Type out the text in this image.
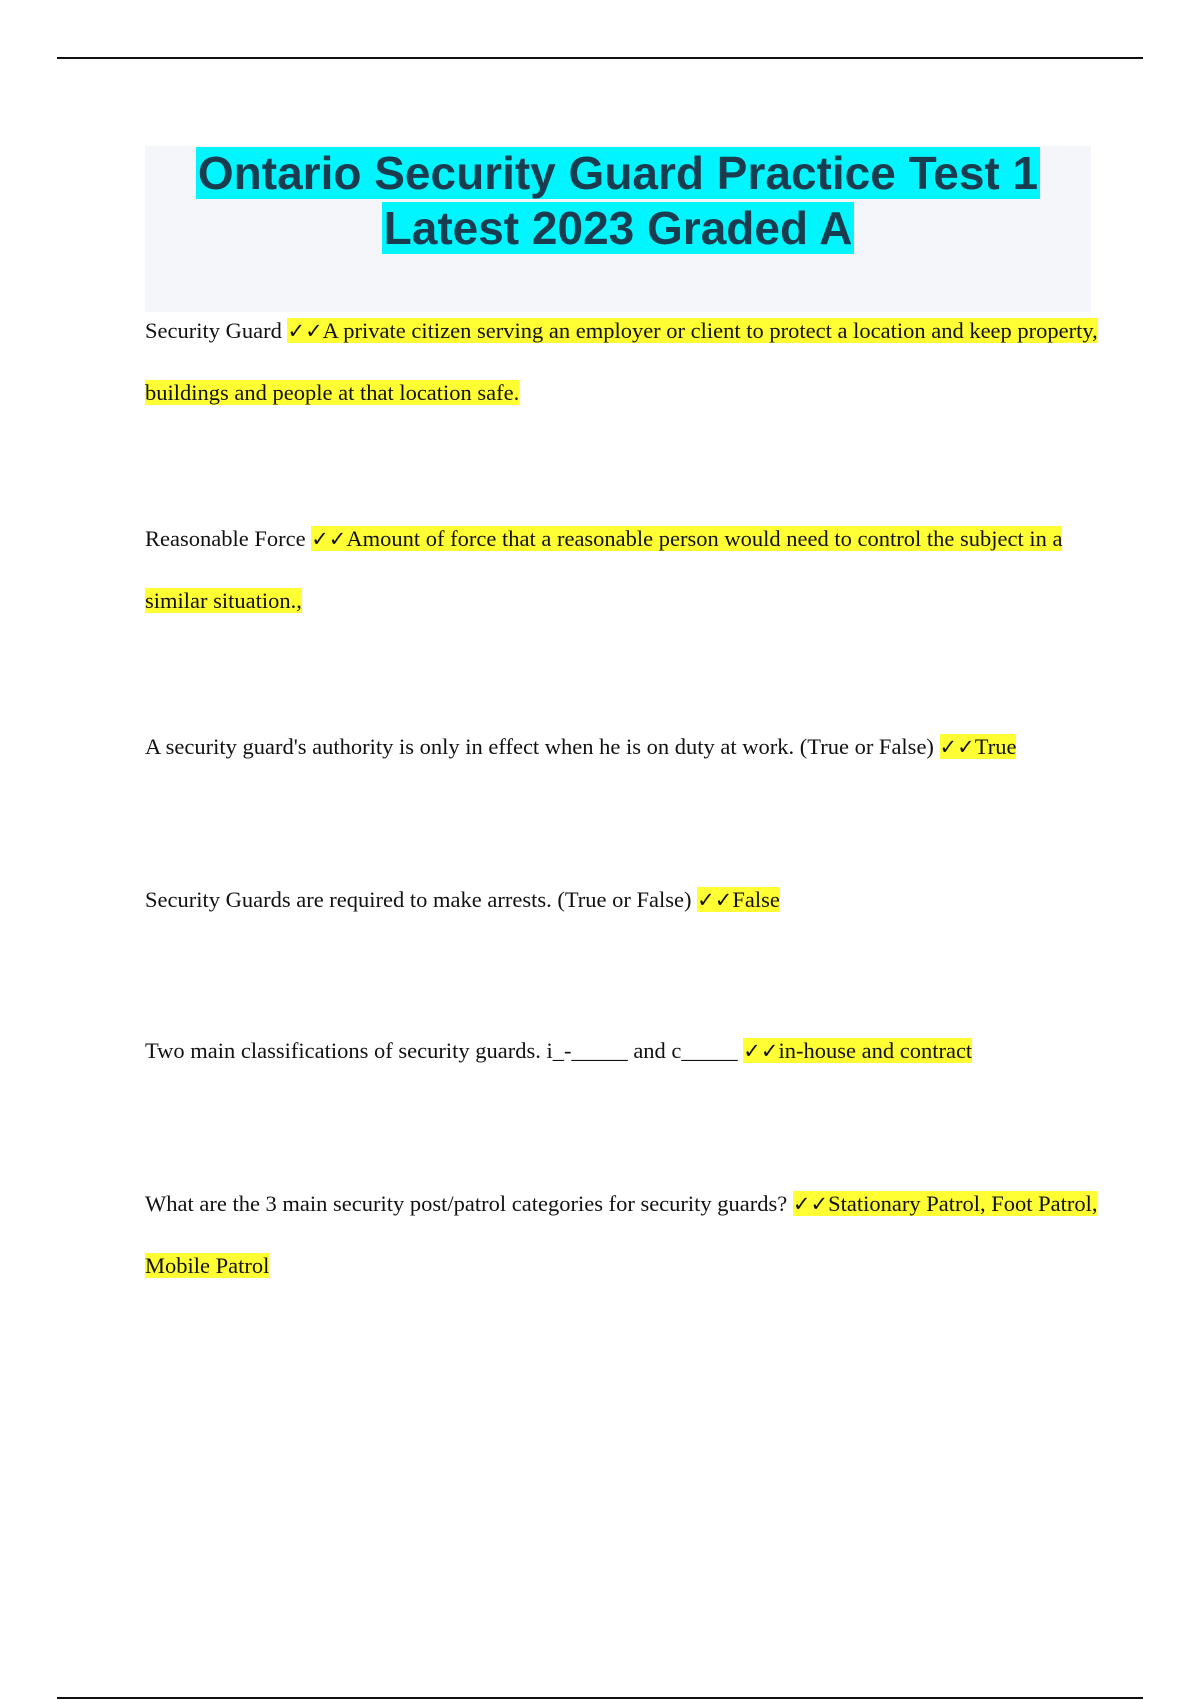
Ontario Security Guard Practice Test 1
Latest 2023 Graded A

Security Guard ✓✓A private citizen serving an employer or client to protect a location and keep property, buildings and people at that location safe.

Reasonable Force ✓✓Amount of force that a reasonable person would need to control the subject in a similar situation.,

A security guard's authority is only in effect when he is on duty at work. (True or False) ✓✓True

Security Guards are required to make arrests. (True or False) ✓✓False

Two main classifications of security guards. i_-_____ and c_____ ✓✓in-house and contract

What are the 3 main security post/patrol categories for security guards? ✓✓Stationary Patrol, Foot Patrol, Mobile Patrol
